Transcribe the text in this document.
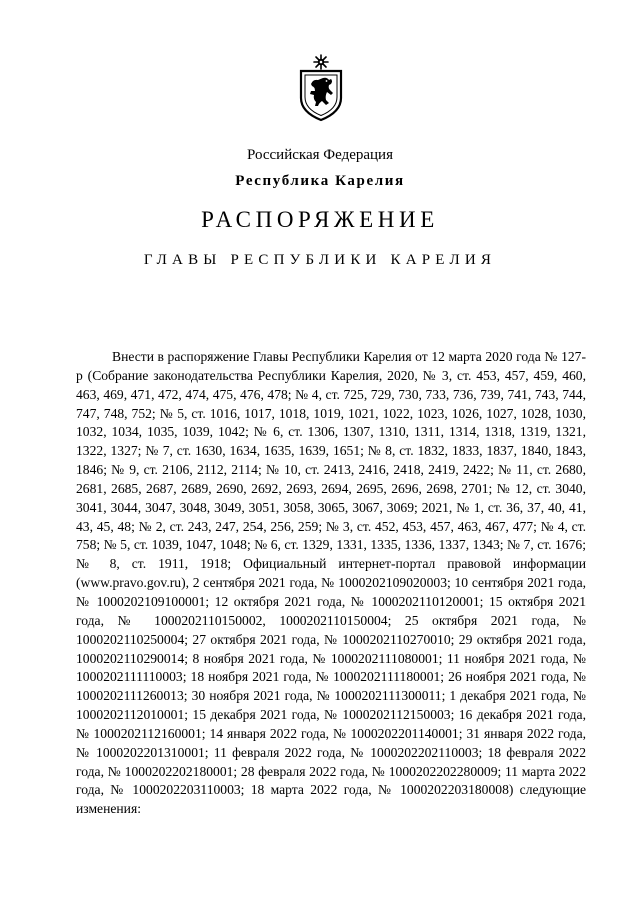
Российская Федерация
Республика Карелия
РАСПОРЯЖЕНИЕ
ГЛАВЫ РЕСПУБЛИКИ КАРЕЛИЯ

Внести в распоряжение Главы Республики Карелия от 12 марта 2020 года № 127-р (Собрание законодательства Республики Карелия, 2020, № 3, ст. 453, 457, 459, 460, 463, 469, 471, 472, 474, 475, 476, 478; № 4, ст. 725, 729, 730, 733, 736, 739, 741, 743, 744, 747, 748, 752; № 5, ст. 1016, 1017, 1018, 1019, 1021, 1022, 1023, 1026, 1027, 1028, 1030, 1032, 1034, 1035, 1039, 1042; № 6, ст. 1306, 1307, 1310, 1311, 1314, 1318, 1319, 1321, 1322, 1327; № 7, ст. 1630, 1634, 1635, 1639, 1651; № 8, ст. 1832, 1833, 1837, 1840, 1843, 1846; № 9, ст. 2106, 2112, 2114; № 10, ст. 2413, 2416, 2418, 2419, 2422; № 11, ст. 2680, 2681, 2685, 2687, 2689, 2690, 2692, 2693, 2694, 2695, 2696, 2698, 2701; № 12, ст. 3040, 3041, 3044, 3047, 3048, 3049, 3051, 3058, 3065, 3067, 3069; 2021, № 1, ст. 36, 37, 40, 41, 43, 45, 48; № 2, ст. 243, 247, 254, 256, 259; № 3, ст. 452, 453, 457, 463, 467, 477; № 4, ст. 758; № 5, ст. 1039, 1047, 1048; № 6, ст. 1329, 1331, 1335, 1336, 1337, 1343; № 7, ст. 1676; № 8, ст. 1911, 1918; Официальный интернет-портал правовой информации (www.pravo.gov.ru), 2 сентября 2021 года, № 1000202109020003; 10 сентября 2021 года, № 1000202109100001; 12 октября 2021 года, № 1000202110120001; 15 октября 2021 года, № 1000202110150002, 1000202110150004; 25 октября 2021 года, № 1000202110250004; 27 октября 2021 года, № 1000202110270010; 29 октября 2021 года, 1000202110290014; 8 ноября 2021 года, № 1000202111080001; 11 ноября 2021 года, № 1000202111110003; 18 ноября 2021 года, № 1000202111180001; 26 ноября 2021 года, № 1000202111260013; 30 ноября 2021 года, № 1000202111300011; 1 декабря 2021 года, № 1000202112010001; 15 декабря 2021 года, № 1000202112150003; 16 декабря 2021 года, № 1000202112160001; 14 января 2022 года, № 1000202201140001; 31 января 2022 года, № 1000202201310001; 11 февраля 2022 года, № 1000202202110003; 18 февраля 2022 года, № 1000202202180001; 28 февраля 2022 года, № 1000202202280009; 11 марта 2022 года, № 1000202203110003; 18 марта 2022 года, № 1000202203180008) следующие изменения:
